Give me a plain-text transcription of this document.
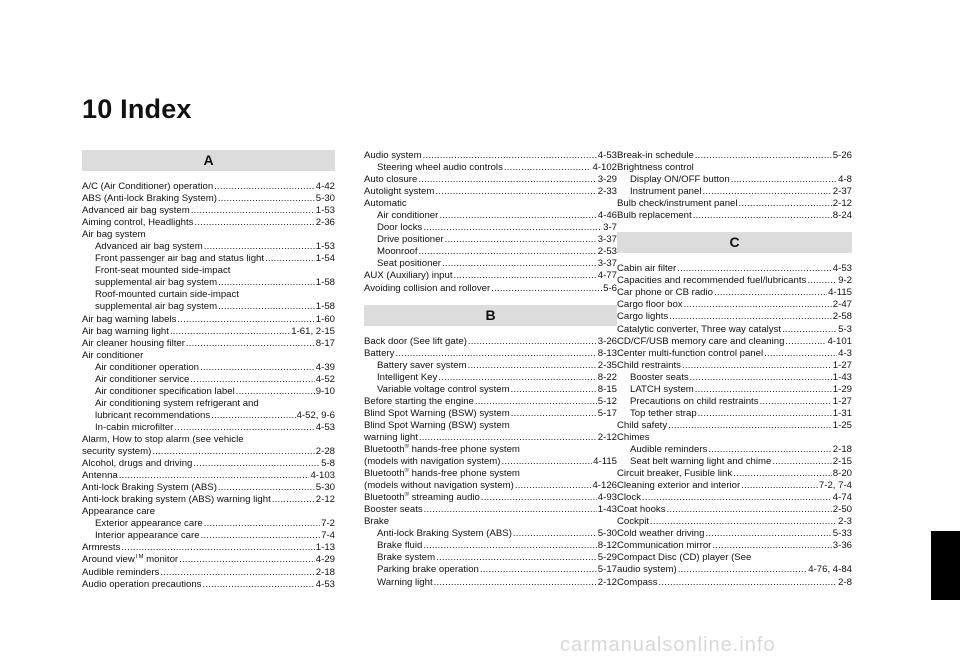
10 Index
A
A/C (Air Conditioner) operation .....	4-42
ABS (Anti-lock Braking System) .....	5-30
Advanced air bag system .....	1-53
Aiming control, Headlights .....	2-36
Air bag system
Advanced air bag system .....	1-53
Front passenger air bag and status light .....	1-54
Front-seat mounted side-impact
supplemental air bag system .....	1-58
Roof-mounted curtain side-impact
supplemental air bag system .....	1-58
Air bag warning labels .....	1-60
Air bag warning light .....	1-61, 2-15
Air cleaner housing filter .....	8-17
Air conditioner
Air conditioner operation .....	4-39
Air conditioner service .....	4-52
Air conditioner specification label .....	9-10
Air conditioning system refrigerant and
lubricant recommendations .....	4-52, 9-6
In-cabin microfilter .....	4-53
Alarm, How to stop alarm (see vehicle
security system) .....	2-28
Alcohol, drugs and driving .....	5-8
Antenna .....	4-103
Anti-lock Braking System (ABS) .....	5-30
Anti-lock braking system (ABS) warning light .....	2-12
Appearance care
Exterior appearance care .....	7-2
Interior appearance care .....	7-4
Armrests .....	1-13
Around view™ monitor .....	4-29
Audible reminders .....	2-18
Audio operation precautions .....	4-53
Audio system .....	4-53
Steering wheel audio controls .....	4-102
Auto closure .....	3-29
Autolight system .....	2-33
Automatic
Air conditioner .....	4-46
Door locks .....	3-7
Drive positioner .....	3-37
Moonroof .....	2-53
Seat positioner .....	3-37
AUX (Auxiliary) input .....	4-77
Avoiding collision and rollover .....	5-6
B
Back door (See lift gate) .....	3-26
Battery .....	8-13
Battery saver system .....	2-35
Intelligent Key .....	8-22
Variable voltage control system .....	8-15
Before starting the engine .....	5-12
Blind Spot Warning (BSW) system .....	5-17
Blind Spot Warning (BSW) system
warning light .....	2-12
Bluetooth® hands-free phone system
(models with navigation system) .....	4-115
Bluetooth® hands-free phone system
(models without navigation system) .....	4-126
Bluetooth® streaming audio .....	4-93
Booster seats .....	1-43
Brake
Anti-lock Braking System (ABS) .....	5-30
Brake fluid .....	8-12
Brake system .....	5-29
Parking brake operation .....	5-17
Warning light .....	2-12
Break-in schedule .....	5-26
Brightness control
Display ON/OFF button .....	4-8
Instrument panel .....	2-37
Bulb check/instrument panel .....	2-12
Bulb replacement .....	8-24
C
Cabin air filter .....	4-53
Capacities and recommended fuel/lubricants .....	9-2
Car phone or CB radio .....	4-115
Cargo floor box .....	2-47
Cargo lights .....	2-58
Catalytic converter, Three way catalyst .....	5-3
CD/CF/USB memory care and cleaning .....	4-101
Center multi-function control panel .....	4-3
Child restraints .....	1-27
Booster seats .....	1-43
LATCH system .....	1-29
Precautions on child restraints .....	1-27
Top tether strap .....	1-31
Child safety .....	1-25
Chimes
Audible reminders .....	2-18
Seat belt warning light and chime .....	2-15
Circuit breaker, Fusible link .....	8-20
Cleaning exterior and interior .....	7-2, 7-4
Clock .....	4-74
Coat hooks .....	2-50
Cockpit .....	2-3
Cold weather driving .....	5-33
Communication mirror .....	3-36
Compact Disc (CD) player (See
audio system) .....	4-76, 4-84
Compass .....	2-8
carmanualsonline.info
